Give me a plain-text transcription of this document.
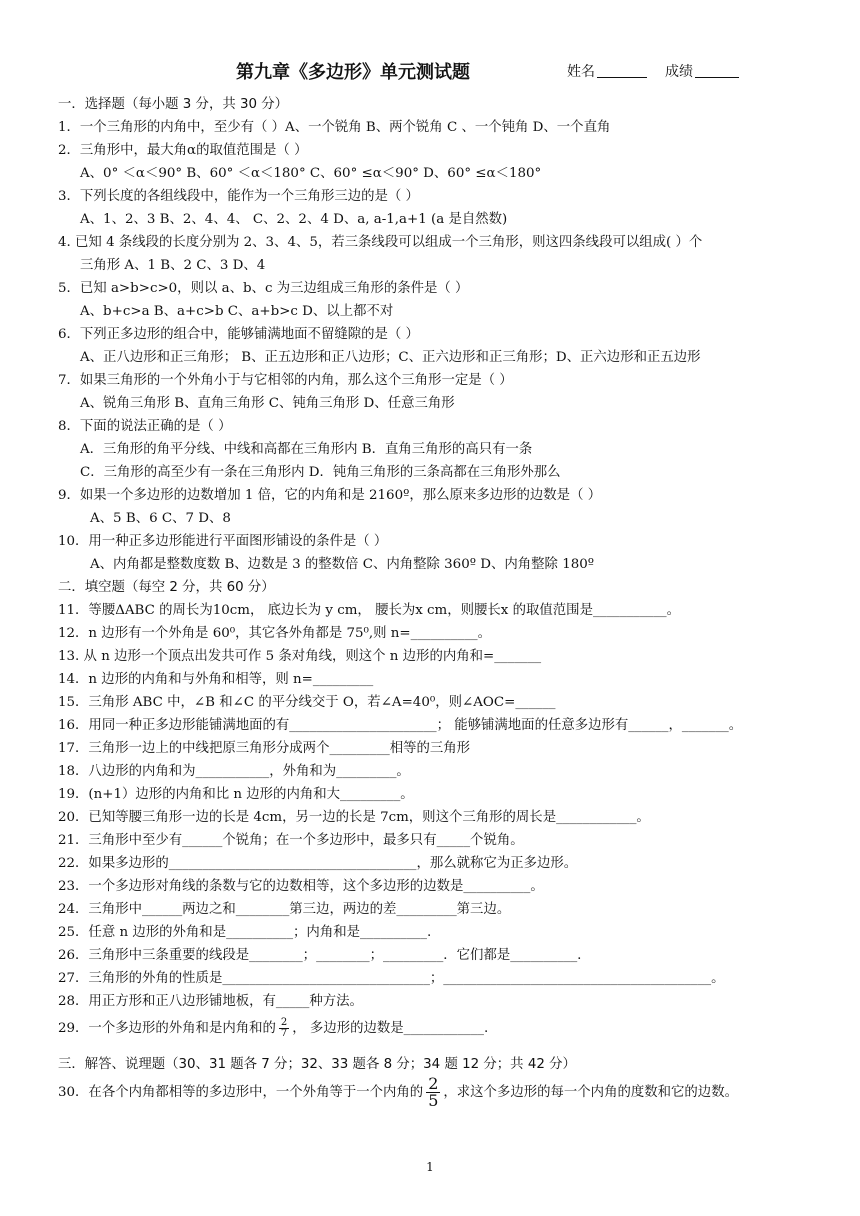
第九章《多边形》单元测试题	姓名	成绩
一．选择题（每小题 3 分，共 30 分）
1．一个三角形的内角中，至少有（ ）A、一个锐角 B、两个锐角 C 、一个钝角 D、一个直角
2．三角形中，最大角α的取值范围是（ ）
A、0° ＜α＜90° B、60° ＜α＜180° C、60° ≤α＜90° D、60° ≤α＜180°
3．下列长度的各组线段中，能作为一个三角形三边的是（ ）
A、1、2、3 B、2、4、4、 C、2、2、4 D、a, a-1,a+1 (a 是自然数)
4. 已知 4 条线段的长度分别为 2、3、4、5，若三条线段可以组成一个三角形，则这四条线段可以组成( ）个
三角形 A、1 B、2 C、3 D、4
5．已知 a>b>c>0，则以 a、b、c 为三边组成三角形的条件是（ ）
A、b+c>a B、a+c>b C、a+b>c D、以上都不对
6．下列正多边形的组合中，能够铺满地面不留缝隙的是（ ）
A、正八边形和正三角形； B、正五边形和正八边形；C、正六边形和正三角形；D、正六边形和正五边形
7．如果三角形的一个外角小于与它相邻的内角，那么这个三角形一定是（ ）
A、锐角三角形 B、直角三角形 C、钝角三角形 D、任意三角形
8．下面的说法正确的是（ ）
A．三角形的角平分线、中线和高都在三角形内 B．直角三角形的高只有一条
C．三角形的高至少有一条在三角形内 D．钝角三角形的三条高都在三角形外那么
9．如果一个多边形的边数增加 1 倍，它的内角和是 2160º，那么原来多边形的边数是（ ）
A、5 B、6 C、7 D、8
10．用一种正多边形能进行平面图形铺设的条件是（ ）
A、内角都是整数度数 B、边数是 3 的整数倍 C、内角整除 360º D、内角整除 180º
二．填空题（每空 2 分，共 60 分）
11．等腰ΔABC 的周长为10cm， 底边长为 y cm， 腰长为x cm，则腰长x 的取值范围是___________。
12．n 边形有一个外角是 60⁰，其它各外角都是 75⁰,则 n=__________。
13. 从 n 边形一个顶点出发共可作 5 条对角线，则这个 n 边形的内角和=_______
14．n 边形的内角和与外角和相等，则 n=_________
15．三角形 ABC 中，∠B 和∠C 的平分线交于 O，若∠A=40⁰，则∠AOC=______
16．用同一种正多边形能铺满地面的有______________________； 能够铺满地面的任意多边形有______，_______。
17．三角形一边上的中线把原三角形分成两个_________相等的三角形
18．八边形的内角和为___________，外角和为_________。
19．(n+1）边形的内角和比 n 边形的内角和大_________。
20．已知等腰三角形一边的长是 4cm，另一边的长是 7cm，则这个三角形的周长是____________。
21．三角形中至少有______个锐角；在一个多边形中，最多只有_____个锐角。
22．如果多边形的_____________________________________，那么就称它为正多边形。
23．一个多边形对角线的条数与它的边数相等，这个多边形的边数是__________。
24．三角形中______两边之和________第三边，两边的差_________第三边。
25．任意 n 边形的外角和是__________；内角和是__________.
26．三角形中三条重要的线段是________；________；_________．它们都是__________.
27．三角形的外角的性质是_______________________________；________________________________________。
28．用正方形和正八边形铺地板，有_____种方法。
29．一个多边形的外角和是内角和的 $\frac{2}{7}$ ， 多边形的边数是____________.
三．解答、说理题（30、31 题各 7 分；32、33 题各 8 分；34 题 12 分；共 42 分）
30．在各个内角都相等的多边形中，一个外角等于一个内角的 $\frac{2}{5}$ ，求这个多边形的每一个内角的度数和它的边数。
1
